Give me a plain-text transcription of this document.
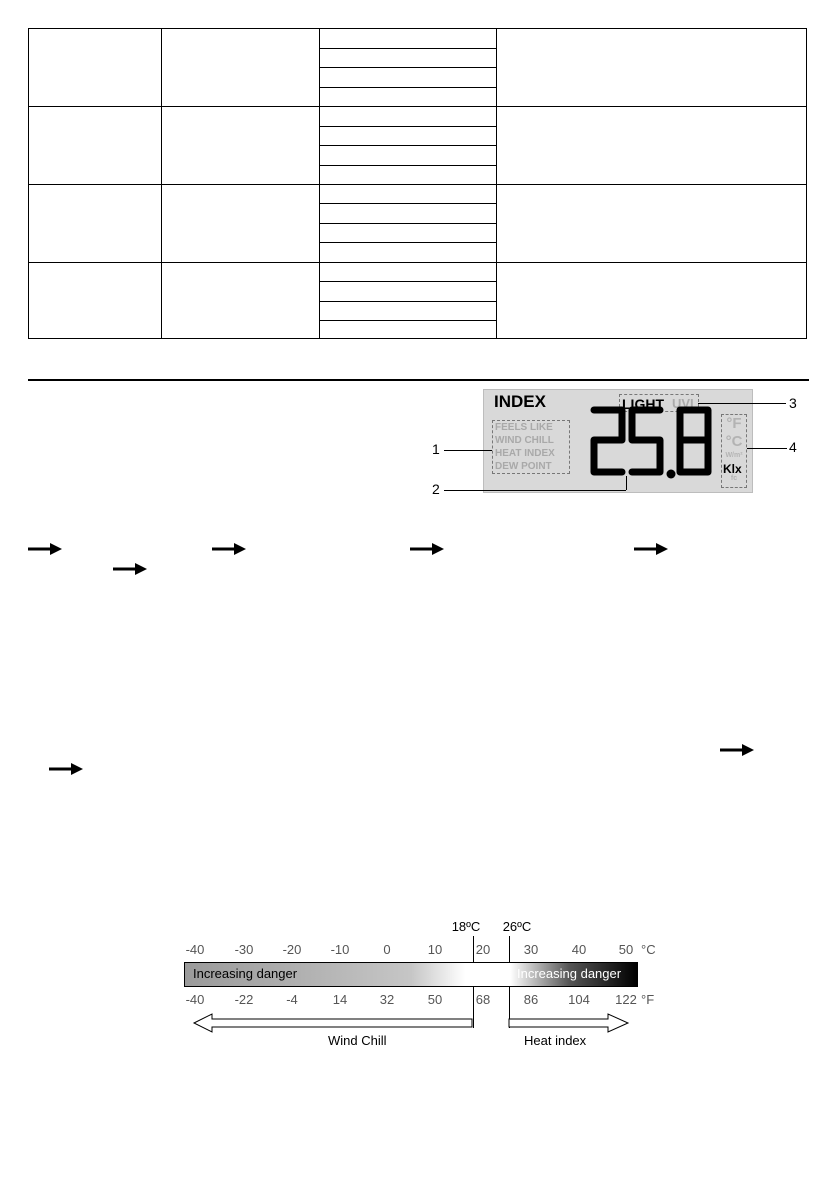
INDEX
FEELS LIKE
WIND CHILL
HEAT INDEX
DEW POINT
LIGHT UVI
°F
°C
W/m²
fc
Klx
1
2
3
4
18ºC 26ºC
-40 -30 -20 -10	0	10	20	30	40	50 °C
Increasing danger	Increasing danger
-40 -22	-4	14	32	50	68	86 104 122 °F
Wind Chill	Heat index
